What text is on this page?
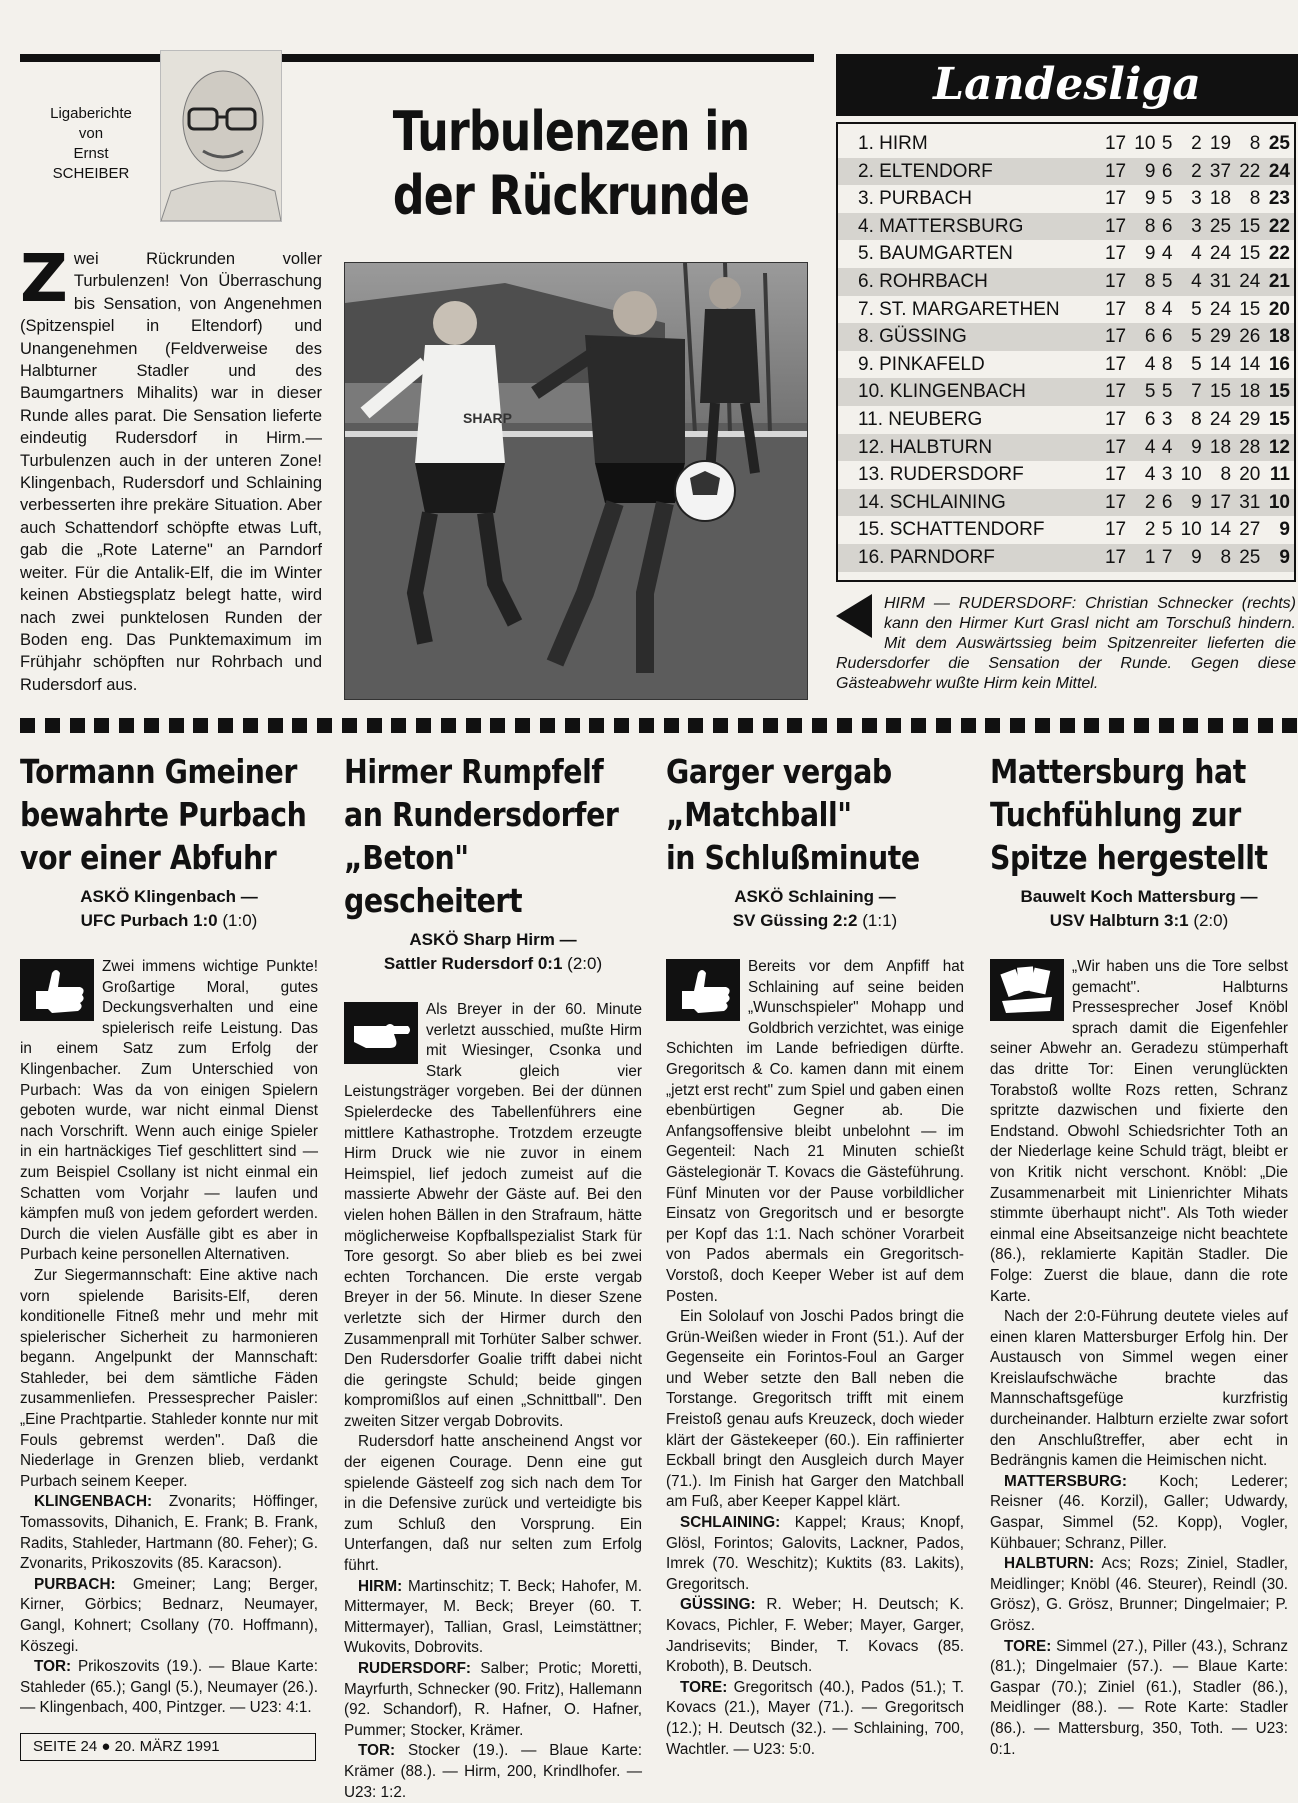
Ligaberichte
von
Ernst
SCHEIBER
Turbulenzen in
der Rückrunde
Zwei Rückrunden voller Turbulenzen! Von Überraschung bis Sensation, von Angenehmen (Spitzenspiel in Eltendorf) und Unangenehmen (Feldverweise des Halbturner Stadler und des Baumgartners Mihalits) war in dieser Runde alles parat. Die Sensation lieferte eindeutig Rudersdorf in Hirm.— Turbulenzen auch in der unteren Zone! Klingenbach, Rudersdorf und Schlaining verbesserten ihre prekäre Situation. Aber auch Schattendorf schöpfte etwas Luft, gab die „Rote Laterne" an Parndorf weiter. Für die Antalik-Elf, die im Winter keinen Abstiegsplatz belegt hatte, wird nach zwei punktelosen Runden der Boden eng. Das Punktemaximum im Frühjahr schöpften nur Rohrbach und Rudersdorf aus.
SHARP
Landesliga
1. HIRM	17	10	5	2	19	8	25
2. ELTENDORF	17	9	6	2	37	22	24
3. PURBACH	17	9	5	3	18	8	23
4. MATTERSBURG	17	8	6	3	25	15	22
5. BAUMGARTEN	17	9	4	4	24	15	22
6. ROHRBACH	17	8	5	4	31	24	21
7. ST. MARGARETHEN	17	8	4	5	24	15	20
8. GÜSSING	17	6	6	5	29	26	18
9. PINKAFELD	17	4	8	5	14	14	16
10. KLINGENBACH	17	5	5	7	15	18	15
11. NEUBERG	17	6	3	8	24	29	15
12. HALBTURN	17	4	4	9	18	28	12
13. RUDERSDORF	17	4	3	10	8	20	11
14. SCHLAINING	17	2	6	9	17	31	10
15. SCHATTENDORF	17	2	5	10	14	27	9
16. PARNDORF	17	1	7	9	8	25	9
HIRM — RUDERSDORF: Christian Schnecker (rechts) kann den Hirmer Kurt Grasl nicht am Torschuß hindern. Mit dem Auswärtssieg beim Spitzenreiter lieferten die Rudersdorfer die Sensation der Runde. Gegen diese Gästeabwehr wußte Hirm kein Mittel.
Tormann Gmeiner
bewahrte Purbach
vor einer Abfuhr
ASKÖ Klingenbach —
UFC Purbach 1:0 (1:0)

Zwei immens wichtige Punkte! Großartige Moral, gutes Deckungsverhalten und eine spielerisch reife Leistung. Das in einem Satz zum Erfolg der Klingenbacher. Zum Unterschied von Purbach: Was da von einigen Spielern geboten wurde, war nicht einmal Dienst nach Vorschrift. Wenn auch einige Spieler in ein hartnäckiges Tief geschlittert sind — zum Beispiel Csollany ist nicht einmal ein Schatten vom Vorjahr — laufen und kämpfen muß von jedem gefordert werden. Durch die vielen Ausfälle gibt es aber in Purbach keine personellen Alternativen.

Zur Siegermannschaft: Eine aktive nach vorn spielende Barisits-Elf, deren konditionelle Fitneß mehr und mehr mit spielerischer Sicherheit zu harmonieren begann. Angelpunkt der Mannschaft: Stahleder, bei dem sämtliche Fäden zusammenliefen. Pressesprecher Paisler: „Eine Prachtpartie. Stahleder konnte nur mit Fouls gebremst werden". Daß die Niederlage in Grenzen blieb, verdankt Purbach seinem Keeper.

KLINGENBACH: Zvonarits; Höffinger, Tomassovits, Dihanich, E. Frank; B. Frank, Radits, Stahleder, Hartmann (80. Feher); G. Zvonarits, Prikoszovits (85. Karacson).

PURBACH: Gmeiner; Lang; Berger, Kirner, Görbics; Bednarz, Neumayer, Gangl, Kohnert; Csollany (70. Hoffmann), Köszegi.

TOR: Prikoszovits (19.). — Blaue Karte: Stahleder (65.); Gangl (5.), Neumayer (26.). — Klingenbach, 400, Pintzger. — U23: 4:1.

SEITE 24 ● 20. MÄRZ 1991
Hirmer Rumpfelf
an Rundersdorfer
„Beton" gescheitert
ASKÖ Sharp Hirm —
Sattler Rudersdorf 0:1 (2:0)

Als Breyer in der 60. Minute verletzt ausschied, mußte Hirm mit Wiesinger, Csonka und Stark gleich vier Leistungsträger vorgeben. Bei der dünnen Spielerdecke des Tabellenführers eine mittlere Kathastrophe. Trotzdem erzeugte Hirm Druck wie nie zuvor in einem Heimspiel, lief jedoch zumeist auf die massierte Abwehr der Gäste auf. Bei den vielen hohen Bällen in den Strafraum, hätte möglicherweise Kopfballspezialist Stark für Tore gesorgt. So aber blieb es bei zwei echten Torchancen. Die erste vergab Breyer in der 56. Minute. In dieser Szene verletzte sich der Hirmer durch den Zusammenprall mit Torhüter Salber schwer. Den Rudersdorfer Goalie trifft dabei nicht die geringste Schuld; beide gingen kompromißlos auf einen „Schnittball". Den zweiten Sitzer vergab Dobrovits.

Rudersdorf hatte anscheinend Angst vor der eigenen Courage. Denn eine gut spielende Gästeelf zog sich nach dem Tor in die Defensive zurück und verteidigte bis zum Schluß den Vorsprung. Ein Unterfangen, daß nur selten zum Erfolg führt.

HIRM: Martinschitz; T. Beck; Hahofer, M. Mittermayer, M. Beck; Breyer (60. T. Mittermayer), Tallian, Grasl, Leimstättner; Wukovits, Dobrovits.

RUDERSDORF: Salber; Protic; Moretti, Mayrfurth, Schnecker (90. Fritz), Hallemann (92. Schandorf), R. Hafner, O. Hafner, Pummer; Stocker, Krämer.

TOR: Stocker (19.). — Blaue Karte: Krämer (88.). — Hirm, 200, Krindlhofer. — U23: 1:2.

Garger vergab
„Matchball"
in Schlußminute
ASKÖ Schlaining —
SV Güssing 2:2 (1:1)

Bereits vor dem Anpfiff hat Schlaining auf seine beiden „Wunschspieler" Mohapp und Goldbrich verzichtet, was einige Schichten im Lande befriedigen dürfte. Gregoritsch & Co. kamen dann mit einem „jetzt erst recht" zum Spiel und gaben einen ebenbürtigen Gegner ab. Die Anfangsoffensive bleibt unbelohnt — im Gegenteil: Nach 21 Minuten schießt Gästelegionär T. Kovacs die Gästeführung. Fünf Minuten vor der Pause vorbildlicher Einsatz von Gregoritsch und er besorgte per Kopf das 1:1. Nach schöner Vorarbeit von Pados abermals ein Gregoritsch-Vorstoß, doch Keeper Weber ist auf dem Posten.

Ein Sololauf von Joschi Pados bringt die Grün-Weißen wieder in Front (51.). Auf der Gegenseite ein Forintos-Foul an Garger und Weber setzte den Ball neben die Torstange. Gregoritsch trifft mit einem Freistoß genau aufs Kreuzeck, doch wieder klärt der Gästekeeper (60.). Ein raffinierter Eckball bringt den Ausgleich durch Mayer (71.). Im Finish hat Garger den Matchball am Fuß, aber Keeper Kappel klärt.

SCHLAINING: Kappel; Kraus; Knopf, Glösl, Forintos; Galovits, Lackner, Pados, Imrek (70. Weschitz); Kuktits (83. Lakits), Gregoritsch.

GÜSSING: R. Weber; H. Deutsch; K. Kovacs, Pichler, F. Weber; Mayer, Garger, Jandrisevits; Binder, T. Kovacs (85. Kroboth), B. Deutsch.

TORE: Gregoritsch (40.), Pados (51.); T. Kovacs (21.), Mayer (71.). — Gregoritsch (12.); H. Deutsch (32.). — Schlaining, 700, Wachtler. — U23: 5:0.

Mattersburg hat
Tuchfühlung zur
Spitze hergestellt
Bauwelt Koch Mattersburg —
USV Halbturn 3:1 (2:0)

„Wir haben uns die Tore selbst gemacht". Halbturns Pressesprecher Josef Knöbl sprach damit die Eigenfehler seiner Abwehr an. Geradezu stümperhaft das dritte Tor: Einen verunglückten Torabstoß wollte Rozs retten, Schranz spritzte dazwischen und fixierte den Endstand. Obwohl Schiedsrichter Toth an der Niederlage keine Schuld trägt, bleibt er von Kritik nicht verschont. Knöbl: „Die Zusammenarbeit mit Linienrichter Mihats stimmte überhaupt nicht". Als Toth wieder einmal eine Abseitsanzeige nicht beachtete (86.), reklamierte Kapitän Stadler. Die Folge: Zuerst die blaue, dann die rote Karte.

Nach der 2:0-Führung deutete vieles auf einen klaren Mattersburger Erfolg hin. Der Austausch von Simmel wegen einer Kreislaufschwäche brachte das Mannschaftsgefüge kurzfristig durcheinander. Halbturn erzielte zwar sofort den Anschlußtreffer, aber echt in Bedrängnis kamen die Heimischen nicht.

MATTERSBURG: Koch; Lederer; Reisner (46. Korzil), Galler; Udwardy, Gaspar, Simmel (52. Kopp), Vogler, Kühbauer; Schranz, Piller.

HALBTURN: Acs; Rozs; Ziniel, Stadler, Meidlinger; Knöbl (46. Steurer), Reindl (30. Grösz), G. Grösz, Brunner; Dingelmaier; P. Grösz.

TORE: Simmel (27.), Piller (43.), Schranz (81.); Dingelmaier (57.). — Blaue Karte: Gaspar (70.); Ziniel (61.), Stadler (86.), Meidlinger (88.). — Rote Karte: Stadler (86.). — Mattersburg, 350, Toth. — U23: 0:1.
